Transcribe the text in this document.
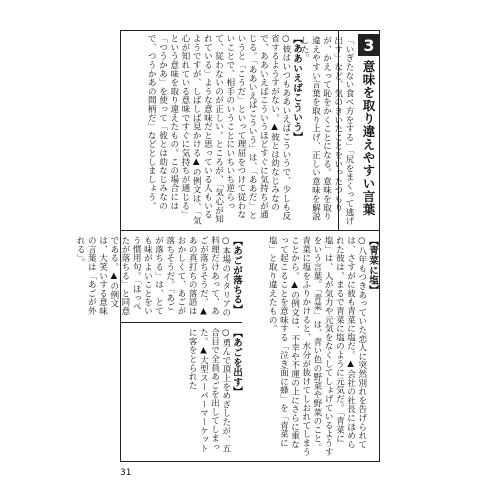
3
意味を取り違えやすい言葉

「いぎたない食べ方をする」「尻をまくって逃げ出す」など、気のきいたことをいったつもりが、かえって恥をかくことになる。意味を取り違えやすい言葉を取り上げ、正しい意味を解説した。

【ああいえばこういう】

○彼はいつもああいえばこういうで、少しも反省するようすがない。▲彼とは幼なじみなので、ああいえばこういうほどすぐに気持ちが通じる。「ああいえばこういう」は、「ああだ」というと「こうだ」といって理屈をつけて従わないことで、相手のいうことにいちいち逆らって、従わないのが正しい。ところが、「気心が知れている」ような意味だと思っている人もいるようですが、しばしば見かける▲の例文は、「気心が知れている意味ですぐに気持ちが通じる」という意味を取り違えたもの。この場合には「つうかあ」を使って「彼とは幼なじみなので、つうかあの間柄だ」などとしましょう。

【青菜に塩】

○八年もつきあっていた恋人に突然別れを告げられては、さすがに彼も青菜に塩だ。▲会社の社長にほめられた彼は、まるで青菜に塩のように元気だ。「青菜に塩」は、人が気力や元気をなくしてしょげているようすをいう言葉。「青菜」は、青い色の野菜や野菜のこと。青菜に塩をふりかけると、水分が抜けてしおれてしまうことから。▲の例文は、不幸や不運の上にさらに重なって起こることを意味する「泣き面に蜂」を「青菜に塩」と取り違えたもの。

【あごが落ちる】

○本場のイタリアの料理だけあって、あごが落ちそうだ。▲あの真打ちの落語はおかしくて、あごが落ちそうだ。「あごが落ちる」は、とても味がよいことをいう慣用句。「ほっぺたが落ちる」と同意である。▲の例文は、大笑いする意味の言葉は「あごが外れる」。

【あごを出す】

○勇んで頂上をめざしたが、五合目で全員あごを出してしまった。▲大型スーパーマーケットに客をとられた

31
